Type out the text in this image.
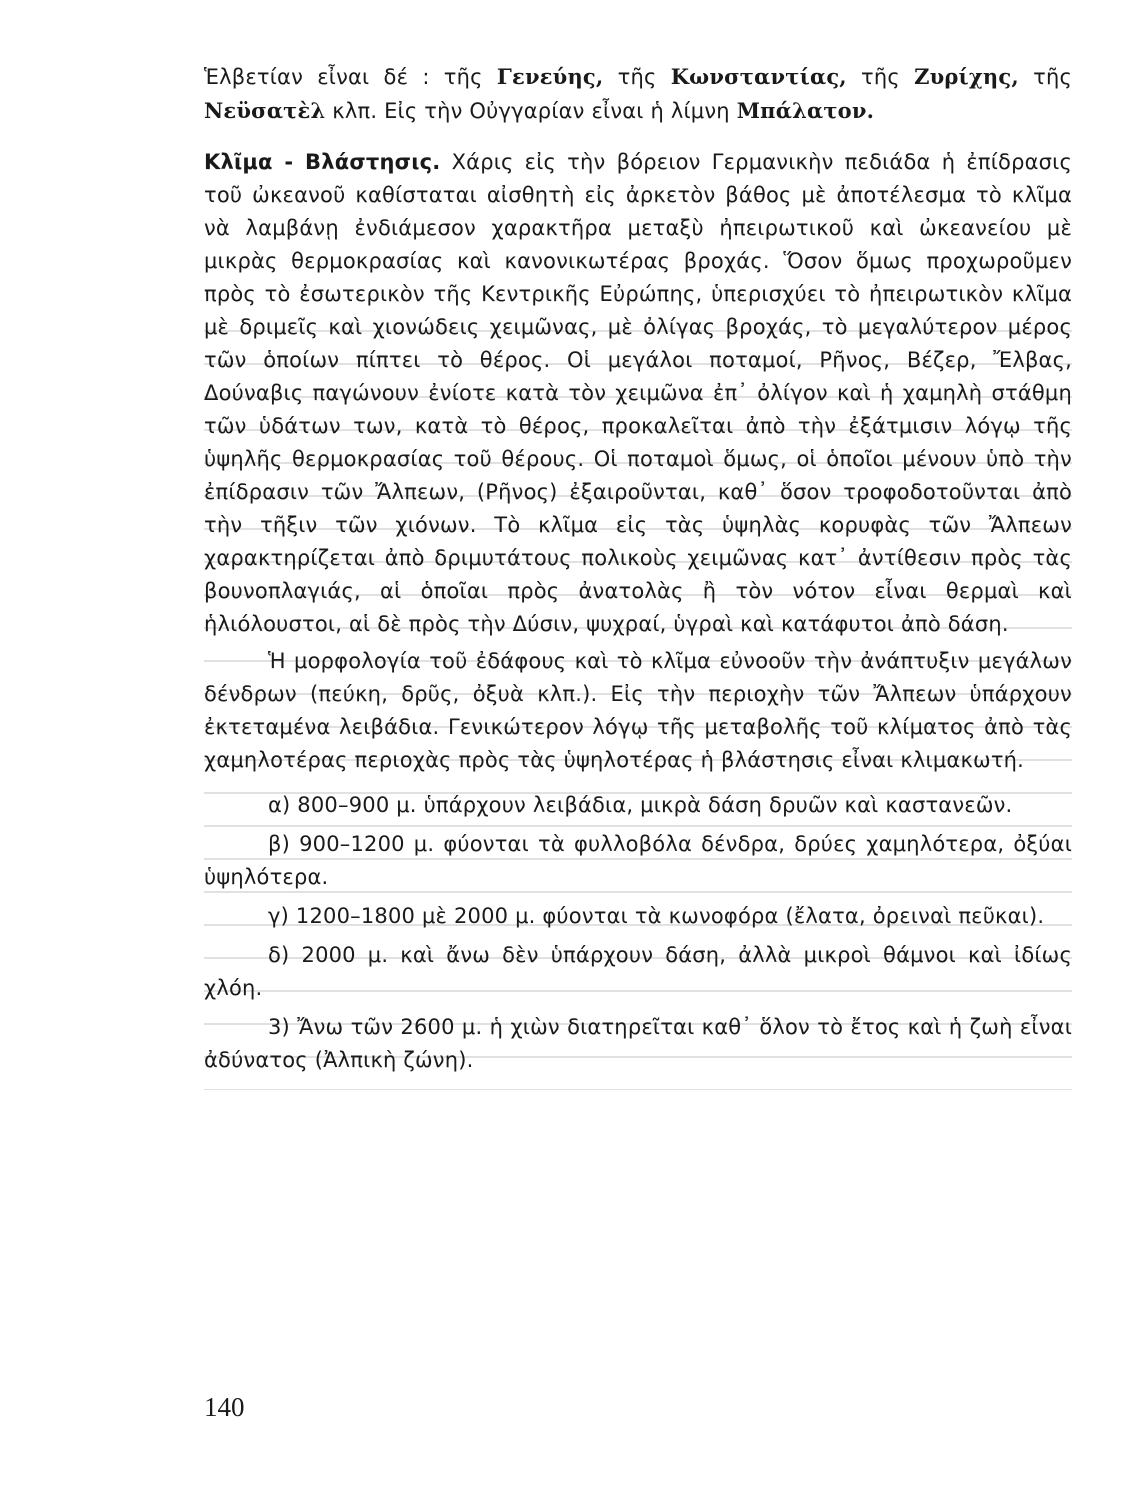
Ἑλβετίαν εἶναι δέ : τῆς Γενεύης, τῆς Κωνσταντίας, τῆς Ζυρίχης, τῆς Νεϋσατὲλ κλπ. Εἰς τὴν Οὐγγαρίαν εἶναι ἡ λίμνη Μπάλατον.

Κλῖμα - Βλάστησις. Χάρις εἰς τὴν βόρειον Γερμανικὴν πεδιάδα ἡ ἐπίδρασις τοῦ ὠκεανοῦ καθίσταται αἰσθητὴ εἰς ἀρκετὸν βάθος μὲ ἀποτέλεσμα τὸ κλῖμα νὰ λαμβάνῃ ἐνδιάμεσον χαρακτῆρα μεταξὺ ἠπειρωτικοῦ καὶ ὠκεανείου μὲ μικρὰς θερμοκρασίας καὶ κανονικωτέρας βροχάς. Ὅσον ὅμως προχωροῦμεν πρὸς τὸ ἐσωτερικὸν τῆς Κεντρικῆς Εὐρώπης, ὑπερισχύει τὸ ἠπειρωτικὸν κλῖμα μὲ δριμεῖς καὶ χιονώδεις χειμῶνας, μὲ ὀλίγας βροχάς, τὸ μεγαλύτερον μέρος τῶν ὁποίων πίπτει τὸ θέρος. Οἱ μεγάλοι ποταμοί, Ρῆνος, Βέζερ, Ἔλβας, Δούναβις παγώνουν ἐνίοτε κατὰ τὸν χειμῶνα ἐπ᾽ ὀλίγον καὶ ἡ χαμηλὴ στάθμη τῶν ὑδάτων των, κατὰ τὸ θέρος, προκαλεῖται ἀπὸ τὴν ἐξάτμισιν λόγῳ τῆς ὑψηλῆς θερμοκρασίας τοῦ θέρους. Οἱ ποταμοὶ ὅμως, οἱ ὁποῖοι μένουν ὑπὸ τὴν ἐπίδρασιν τῶν Ἄλπεων, (Ρῆνος) ἐξαιροῦνται, καθ᾽ ὅσον τροφοδοτοῦνται ἀπὸ τὴν τῆξιν τῶν χιόνων. Τὸ κλῖμα εἰς τὰς ὑψηλὰς κορυφὰς τῶν Ἄλπεων χαρακτηρίζεται ἀπὸ δριμυτάτους πολικοὺς χειμῶνας κατ᾽ ἀντίθεσιν πρὸς τὰς βουνοπλαγιάς, αἱ ὁποῖαι πρὸς ἀνατολὰς ἢ τὸν νότον εἶναι θερμαὶ καὶ ἡλιόλουστοι, αἱ δὲ πρὸς τὴν Δύσιν, ψυχραί, ὑγραὶ καὶ κατάφυτοι ἀπὸ δάση.

Ἡ μορφολογία τοῦ ἐδάφους καὶ τὸ κλῖμα εὐνοοῦν τὴν ἀνάπτυξιν μεγάλων δένδρων (πεύκη, δρῦς, ὀξυὰ κλπ.). Εἰς τὴν περιοχὴν τῶν Ἄλπεων ὑπάρχουν ἐκτεταμένα λειβάδια. Γενικώτερον λόγῳ τῆς μεταβολῆς τοῦ κλίματος ἀπὸ τὰς χαμηλοτέρας περιοχὰς πρὸς τὰς ὑψηλοτέρας ἡ βλάστησις εἶναι κλιμακωτή.

α) 800–900 μ. ὑπάρχουν λειβάδια, μικρὰ δάση δρυῶν καὶ καστανεῶν.

β) 900–1200 μ. φύονται τὰ φυλλοβόλα δένδρα, δρύες χαμηλότερα, ὀξύαι ὑψηλότερα.

γ) 1200–1800 μὲ 2000 μ. φύονται τὰ κωνοφόρα (ἔλατα, ὀρειναὶ πεῦκαι).

δ) 2000 μ. καὶ ἄνω δὲν ὑπάρχουν δάση, ἀλλὰ μικροὶ θάμνοι καὶ ἰδίως χλόη.

3) Ἄνω τῶν 2600 μ. ἡ χιὼν διατηρεῖται καθ᾽ ὅλον τὸ ἔτος καὶ ἡ ζωὴ εἶναι ἀδύνατος (Ἀλπικὴ ζώνη).

140
